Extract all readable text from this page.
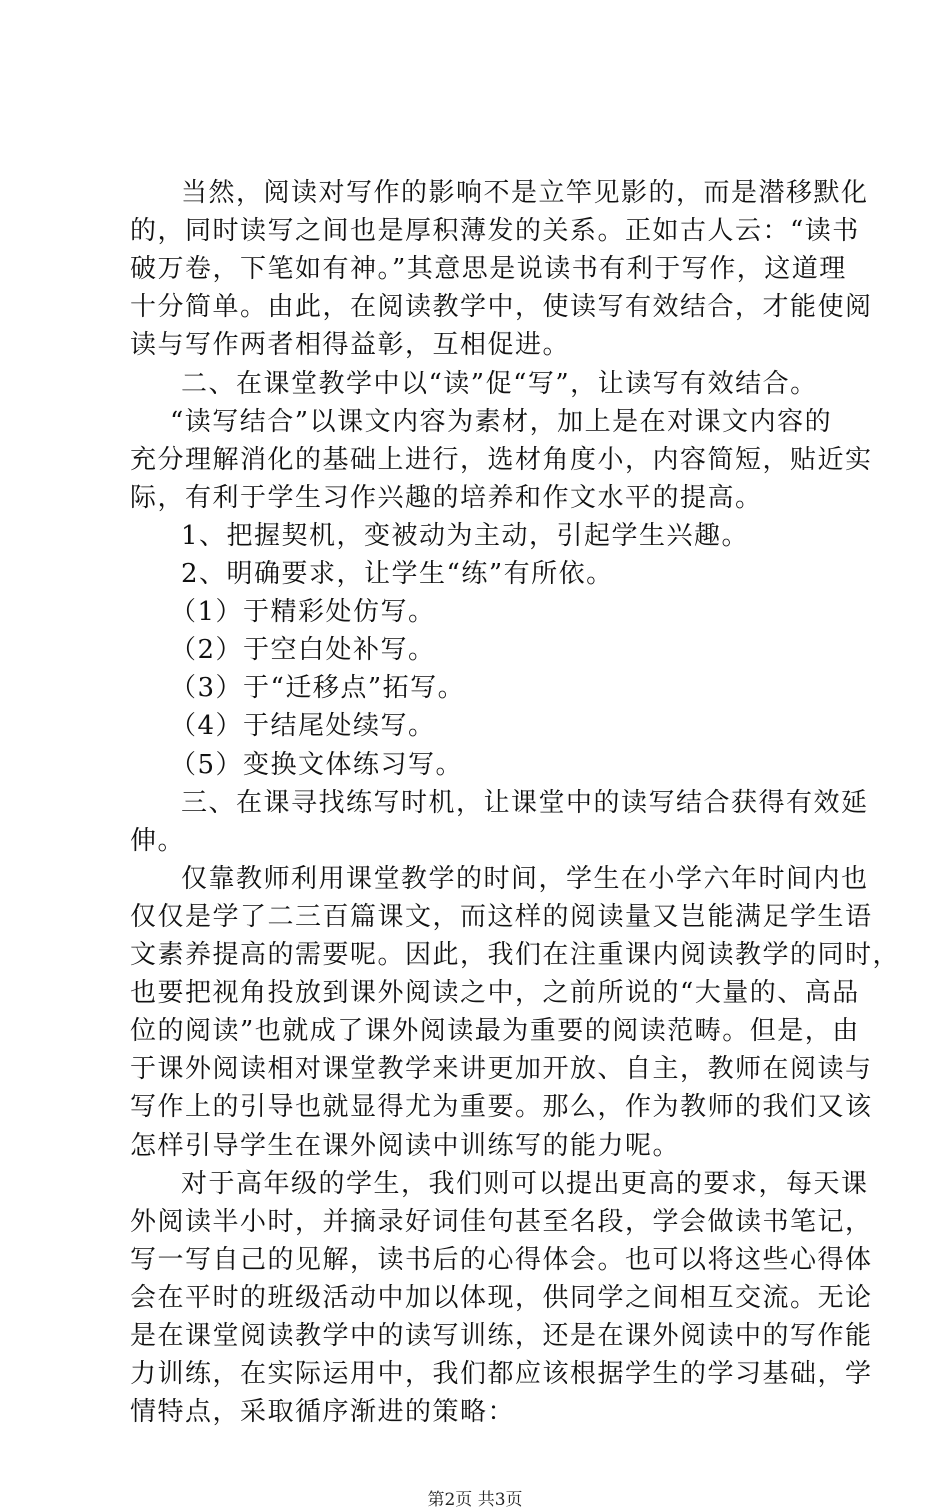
当然，阅读对写作的影响不是立竿见影的，而是潜移默化
的，同时读写之间也是厚积薄发的关系。正如古人云：“读书
破万卷，下笔如有神。”其意思是说读书有利于写作，这道理
十分简单。由此，在阅读教学中，使读写有效结合，才能使阅
读与写作两者相得益彰，互相促进。
二、在课堂教学中以“读”促“写”，让读写有效结合。
“读写结合”以课文内容为素材，加上是在对课文内容的
充分理解消化的基础上进行，选材角度小，内容简短，贴近实
际，有利于学生习作兴趣的培养和作文水平的提高。
1、把握契机，变被动为主动，引起学生兴趣。
2、明确要求，让学生“练”有所依。
（1）于精彩处仿写。
（2）于空白处补写。
（3）于“迁移点”拓写。
（4）于结尾处续写。
（5）变换文体练习写。
三、在课寻找练写时机，让课堂中的读写结合获得有效延
伸。
仅靠教师利用课堂教学的时间，学生在小学六年时间内也
仅仅是学了二三百篇课文，而这样的阅读量又岂能满足学生语
文素养提高的需要呢。因此，我们在注重课内阅读教学的同时，
也要把视角投放到课外阅读之中，之前所说的“大量的、高品
位的阅读”也就成了课外阅读最为重要的阅读范畴。但是，由
于课外阅读相对课堂教学来讲更加开放、自主，教师在阅读与
写作上的引导也就显得尤为重要。那么，作为教师的我们又该
怎样引导学生在课外阅读中训练写的能力呢。
对于高年级的学生，我们则可以提出更高的要求，每天课
外阅读半小时，并摘录好词佳句甚至名段，学会做读书笔记，
写一写自己的见解，读书后的心得体会。也可以将这些心得体
会在平时的班级活动中加以体现，供同学之间相互交流。无论
是在课堂阅读教学中的读写训练，还是在课外阅读中的写作能
力训练，在实际运用中，我们都应该根据学生的学习基础，学
情特点，采取循序渐进的策略：
第2页 共3页
